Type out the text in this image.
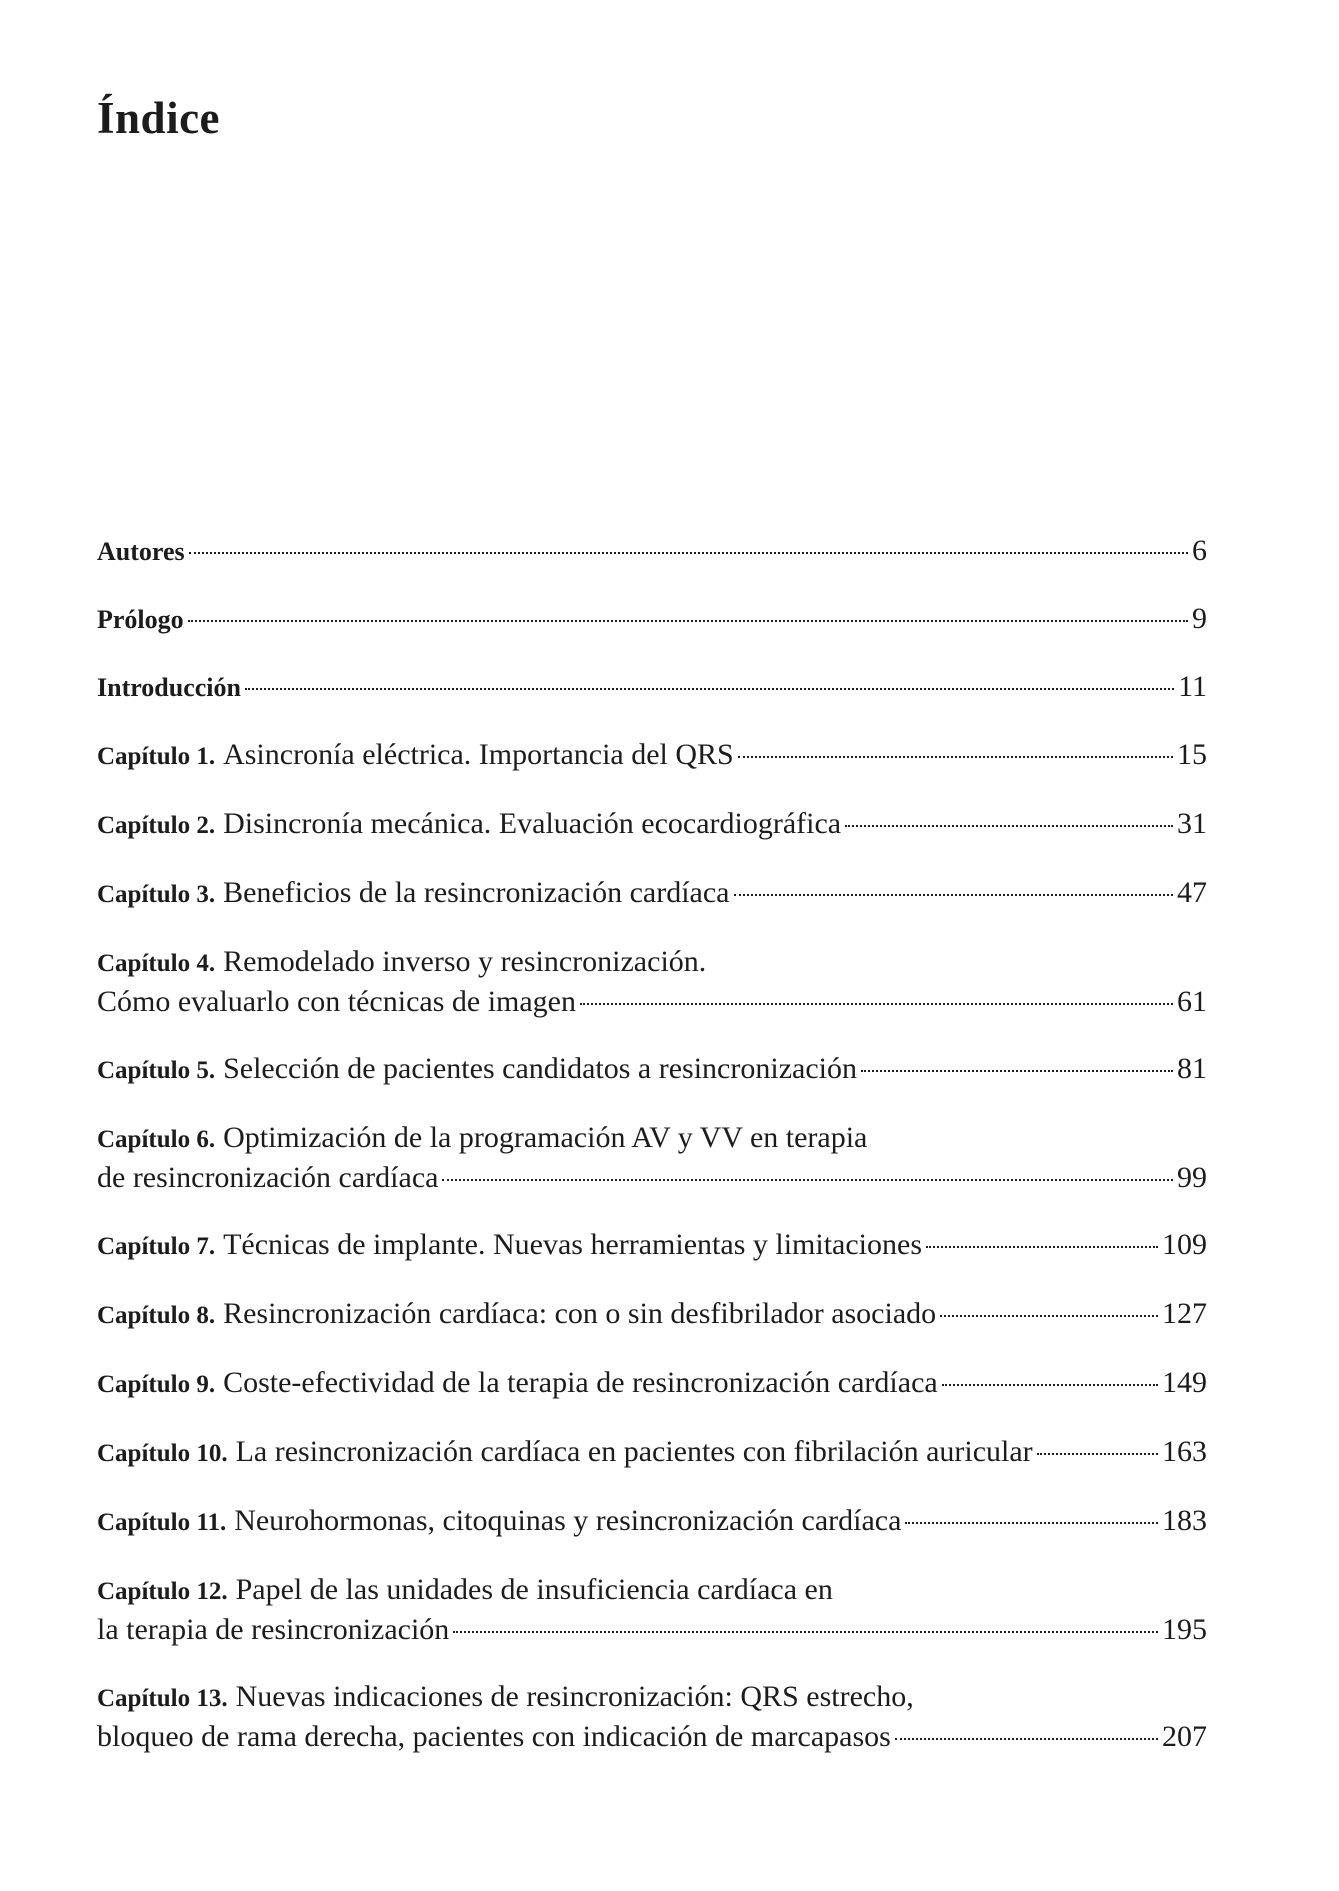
Índice
Autores	6
Prólogo	9
Introducción	11
Capítulo 1. Asincronía eléctrica. Importancia del QRS	15
Capítulo 2. Disincronía mecánica. Evaluación ecocardiográfica	31
Capítulo 3. Beneficios de la resincronización cardíaca	47
Capítulo 4. Remodelado inverso y resincronización.
Cómo evaluarlo con técnicas de imagen	61
Capítulo 5. Selección de pacientes candidatos a resincronización	81
Capítulo 6. Optimización de la programación AV y VV en terapia
de resincronización cardíaca	99
Capítulo 7. Técnicas de implante. Nuevas herramientas y limitaciones	109
Capítulo 8. Resincronización cardíaca: con o sin desfibrilador asociado	127
Capítulo 9. Coste-efectividad de la terapia de resincronización cardíaca	149
Capítulo 10. La resincronización cardíaca en pacientes con fibrilación auricular	163
Capítulo 11. Neurohormonas, citoquinas y resincronización cardíaca	183
Capítulo 12. Papel de las unidades de insuficiencia cardíaca en
la terapia de resincronización	195
Capítulo 13. Nuevas indicaciones de resincronización: QRS estrecho,
bloqueo de rama derecha, pacientes con indicación de marcapasos	207
